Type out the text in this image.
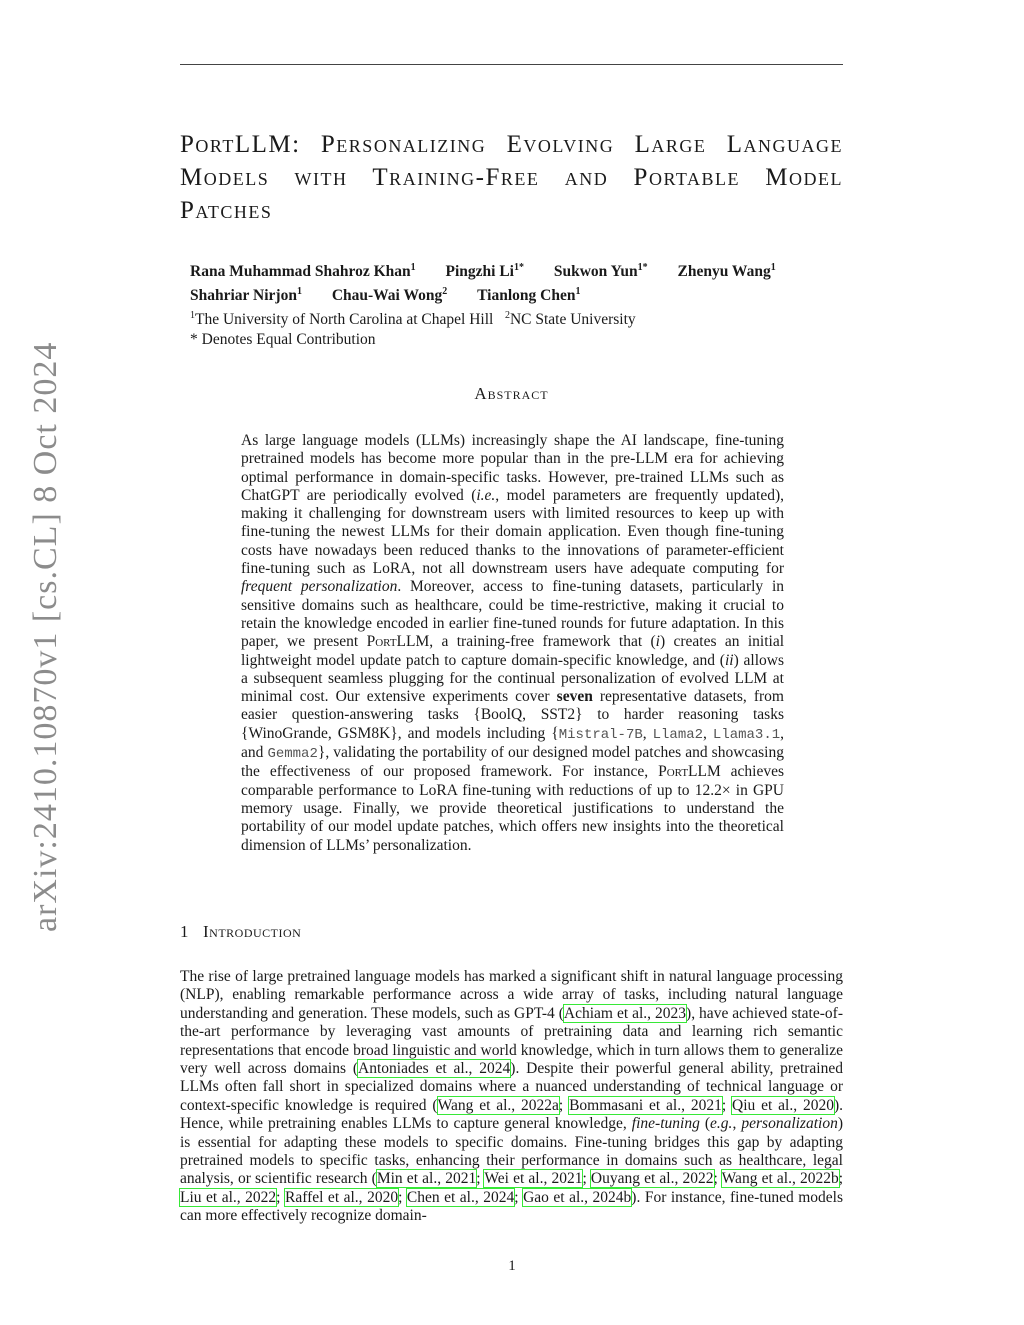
arXiv:2410.10870v1 [cs.CL] 8 Oct 2024
PortLLM: Personalizing Evolving Large Language Models with Training-Free and Portable Model Patches
Rana Muhammad Shahroz Khan$^1$ Pingzhi $Li^{1*}$ Sukwon Yun$^{1*}$ Zhenyu Wang$^1$
Shahriar Nirjon$^1$ Chau-Wai Wong$^2$ Tianlong Chen$^1$
$^1$The University of North Carolina at Chapel Hill $^2$NC State University
* Denotes Equal Contribution
Abstract

As large language models (LLMs) increasingly shape the AI landscape, fine-tuning pretrained models has become more popular than in the pre-LLM era for achieving optimal performance in domain-specific tasks. However, pre-trained LLMs such as ChatGPT are periodically evolved (i.e., model parameters are frequently updated), making it challenging for downstream users with limited resources to keep up with fine-tuning the newest LLMs for their domain application. Even though fine-tuning costs have nowadays been reduced thanks to the innovations of parameter-efficient fine-tuning such as LoRA, not all downstream users have adequate computing for frequent personalization. Moreover, access to fine-tuning datasets, particularly in sensitive domains such as healthcare, could be time-restrictive, making it crucial to retain the knowledge encoded in earlier fine-tuned rounds for future adaptation. In this paper, we present PortLLM, a training-free framework that (i) creates an initial lightweight model update patch to capture domain-specific knowledge, and (ii) allows a subsequent seamless plugging for the continual personalization of evolved LLM at minimal cost. Our extensive experiments cover seven representative datasets, from easier question-answering tasks {BoolQ, SST2} to harder reasoning tasks {WinoGrande, GSM8K}, and models including {Mistral-7B, Llama2, Llama3.1, and Gemma2}, validating the portability of our designed model patches and showcasing the effectiveness of our proposed framework. For instance, PortLLM achieves comparable performance to LoRA fine-tuning with reductions of up to 12.2× in GPU memory usage. Finally, we provide theoretical justifications to understand the portability of our model update patches, which offers new insights into the theoretical dimension of LLMs’ personalization.

1 Introduction

The rise of large pretrained language models has marked a significant shift in natural language processing (NLP), enabling remarkable performance across a wide array of tasks, including natural language understanding and generation. These models, such as GPT-4 (Achiam et al., 2023), have achieved state-of-the-art performance by leveraging vast amounts of pretraining data and learning rich semantic representations that encode broad linguistic and world knowledge, which in turn allows them to generalize very well across domains (Antoniades et al., 2024). Despite their powerful general ability, pretrained LLMs often fall short in specialized domains where a nuanced understanding of technical language or context-specific knowledge is required (Wang et al., 2022a; Bommasani et al., 2021; Qiu et al., 2020). Hence, while pretraining enables LLMs to capture general knowledge, fine-tuning (e.g., personalization) is essential for adapting these models to specific domains. Fine-tuning bridges this gap by adapting pretrained models to specific tasks, enhancing their performance in domains such as healthcare, legal analysis, or scientific research (Min et al., 2021; Wei et al., 2021; Ouyang et al., 2022; Wang et al., 2022b; Liu et al., 2022; Raffel et al., 2020; Chen et al., 2024; Gao et al., 2024b). For instance, fine-tuned models can more effectively recognize domain-

1
